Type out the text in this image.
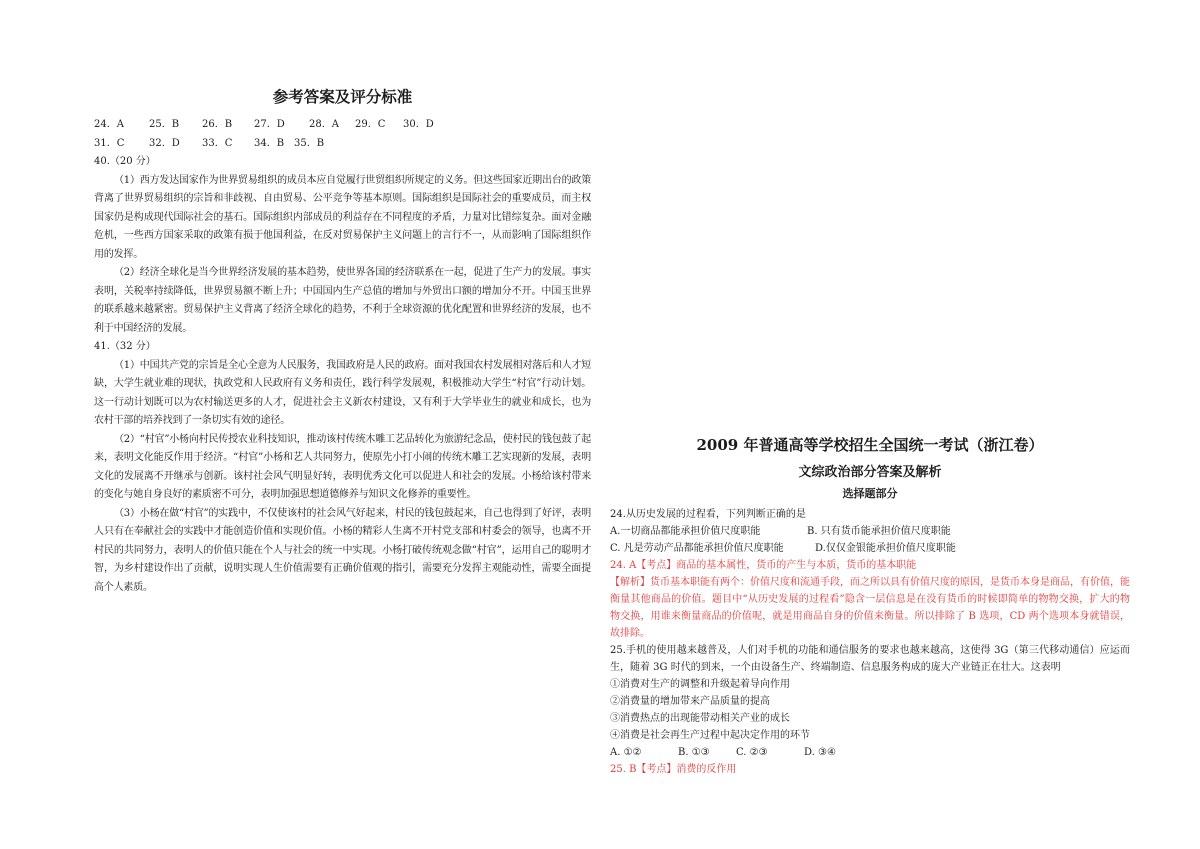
参考答案及评分标准
24．A	25．B	26．B	27．D	28．A	29．C	30．D
31．C	32．D	33．C	34．B 35．B

40.（20 分）

（1）西方发达国家作为世界贸易组织的成员本应自觉履行世贸组织所规定的义务。但这些国家近期出台的政策背离了世界贸易组织的宗旨和非歧视、自由贸易、公平竞争等基本原则。国际组织是国际社会的重要成员，而主权国家仍是构成现代国际社会的基石。国际组织内部成员的利益存在不同程度的矛盾，力量对比错综复杂。面对金融危机，一些西方国家采取的政策有损于他国利益，在反对贸易保护主义问题上的言行不一，从而影响了国际组织作用的发挥。

（2）经济全球化是当今世界经济发展的基本趋势，使世界各国的经济联系在一起，促进了生产力的发展。事实表明，关税率持续降低，世界贸易额不断上升；中国国内生产总值的增加与外贸出口额的增加分不开。中国玉世界的联系越来越紧密。贸易保护主义背离了经济全球化的趋势，不利于全球资源的优化配置和世界经济的发展，也不利于中国经济的发展。

41.（32 分）

（1）中国共产党的宗旨是全心全意为人民服务，我国政府是人民的政府。面对我国农村发展相对落后和人才短缺，大学生就业难的现状，执政党和人民政府有义务和责任，践行科学发展观，积极推动大学生“村官”行动计划。这一行动计划既可以为农村输送更多的人才，促进社会主义新农村建设，又有利于大学毕业生的就业和成长，也为农村干部的培养找到了一条切实有效的途径。

（2）“村官”小杨向村民传授农业科技知识，推动该村传统木雕工艺品转化为旅游纪念品，使村民的钱包鼓了起来，表明文化能反作用于经济。“村官”小杨和艺人共同努力，使原先小打小闹的传统木雕工艺实现新的发展，表明文化的发展离不开继承与创新。该村社会风气明显好转，表明优秀文化可以促进人和社会的发展。小杨给该村带来的变化与她自身良好的素质密不可分，表明加强思想道德修养与知识文化修养的重要性。

（3）小杨在做“村官”的实践中，不仅使该村的社会风气好起来，村民的钱包鼓起来，自己也得到了好评，表明人只有在奉献社会的实践中才能创造价值和实现价值。小杨的精彩人生离不开村党支部和村委会的领导，也离不开村民的共同努力，表明人的价值只能在个人与社会的统一中实现。小杨打破传统观念做“村官”，运用自己的聪明才智，为乡村建设作出了贡献，说明实现人生价值需要有正确价值观的指引，需要充分发挥主观能动性，需要全面提高个人素质。

2009 年普通高等学校招生全国统一考试（浙江卷）
文综政治部分答案及解析
选择题部分

24.从历史发展的过程看，下列判断正确的是

A.一切商品都能承担价值尺度职能	B. 只有货币能承担价值尺度职能
C. 凡是劳动产品都能承担价值尺度职能	D.仅仅金银能承担价值尺度职能

24. A【考点】商品的基本属性，货币的产生与本质，货币的基本职能

【解析】货币基本职能有两个：价值尺度和流通手段，而之所以具有价值尺度的原因，是货币本身是商品，有价值，能衡量其他商品的价值。题目中“从历史发展的过程看”隐含一层信息是在没有货币的时候即简单的物物交换，扩大的物物交换，用谁来衡量商品的价值呢，就是用商品自身的价值来衡量。所以排除了 B 选项，CD 两个选项本身就错误，故排除。

25.手机的使用越来越普及，人们对手机的功能和通信服务的要求也越来越高，这使得 3G（第三代移动通信）应运而生，随着 3G 时代的到来，一个由设备生产、终端制造、信息服务构成的庞大产业链正在壮大。这表明

①消费对生产的调整和升级起着导向作用

②消费量的增加带来产品质量的提高

③消费热点的出现能带动相关产业的成长

④消费是社会再生产过程中起决定作用的环节

A. ①②	B. ①③	C. ②③	D. ③④

25. B【考点】消费的反作用
